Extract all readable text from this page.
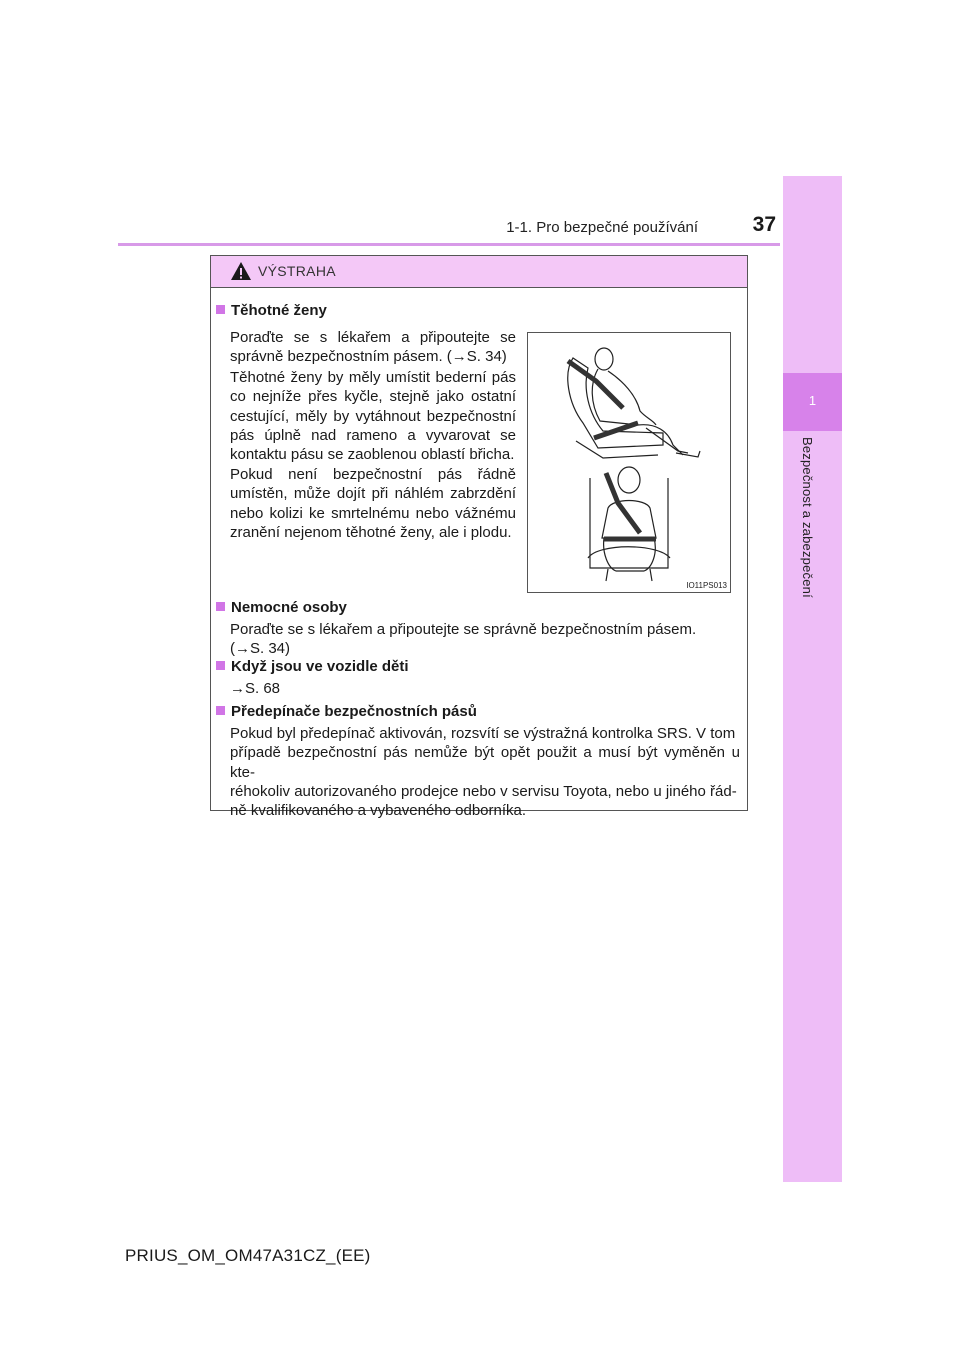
1-1. Pro bezpečné používání	37
1
Bezpečnost a zabezpečení
VÝSTRAHA
Těhotné ženy
Poraďte se s lékařem a připoutejte se správně bezpečnostním pásem. (→S. 34)
Těhotné ženy by měly umístit bederní pás co nejníže přes kyčle, stejně jako ostatní cestující, měly by vytáhnout bezpečnostní pás úplně nad rameno a vyvarovat se kontaktu pásu se zaoblenou oblastí břicha.
Pokud není bezpečnostní pás řádně umístěn, může dojít při náhlém zabrzdění nebo kolizi ke smrtelnému nebo vážnému zranění nejenom těhotné ženy, ale i plodu.
IO11PS013
Nemocné osoby
Poraďte se s lékařem a připoutejte se správně bezpečnostním pásem.
(→S. 34)
Když jsou ve vozidle děti
→S. 68
Předepínače bezpečnostních pásů
Pokud byl předepínač aktivován, rozsvítí se výstražná kontrolka SRS. V tom
případě bezpečnostní pás nemůže být opět použit a musí být vyměněn u kte-
réhokoliv autorizovaného prodejce nebo v servisu Toyota, nebo u jiného řád-
ně kvalifikovaného a vybaveného odborníka.
PRIUS_OM_OM47A31CZ_(EE)
